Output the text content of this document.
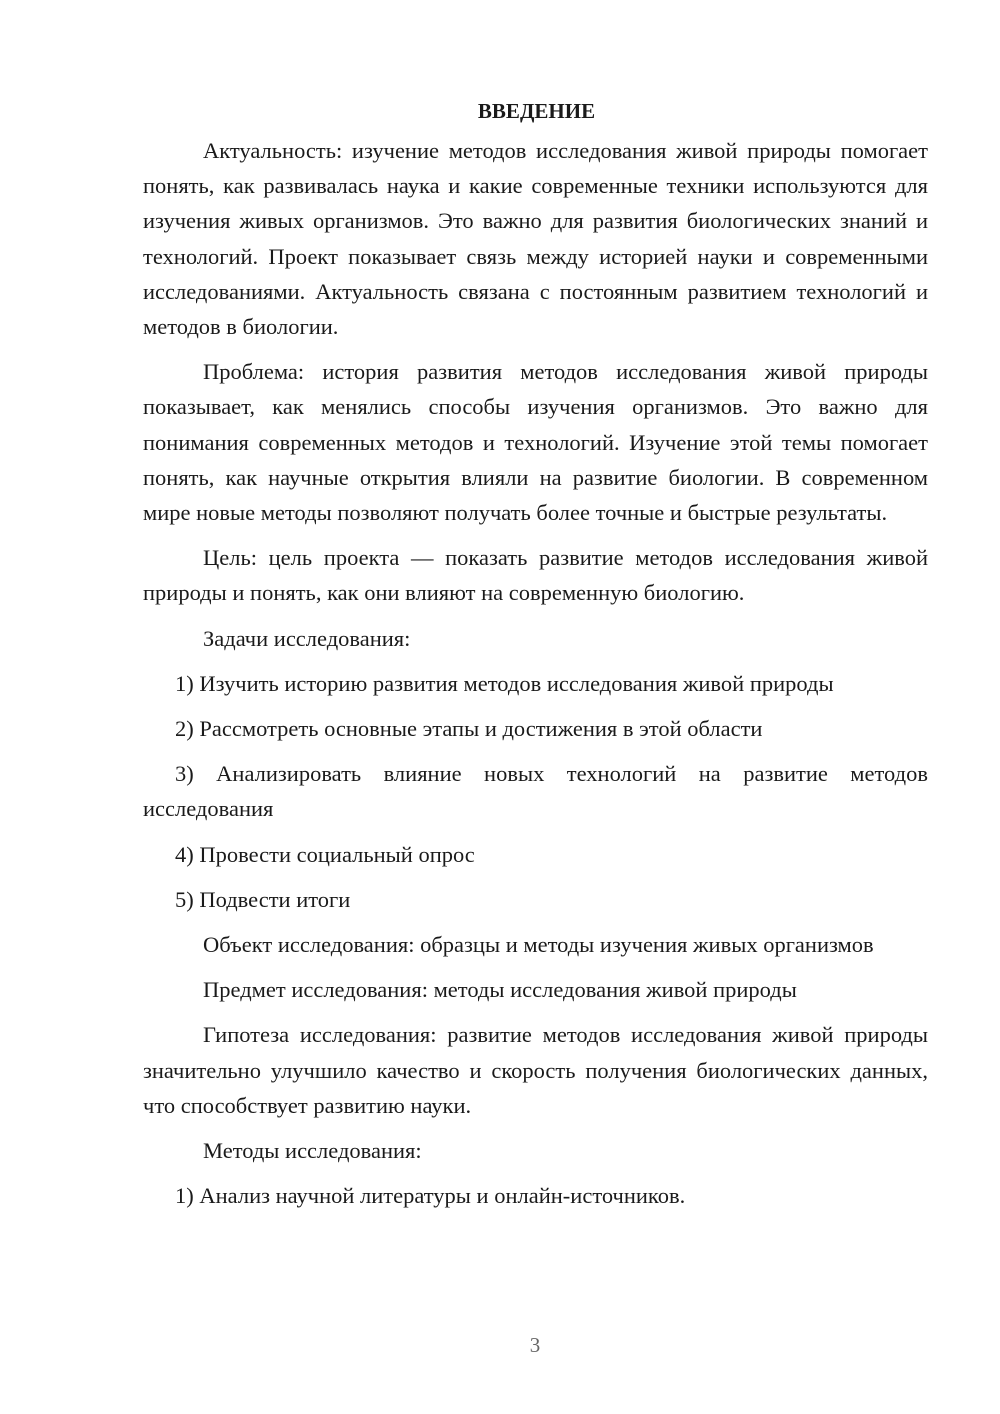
ВВЕДЕНИЕ

Актуальность: изучение методов исследования живой природы помогает понять, как развивалась наука и какие современные техники используются для изучения живых организмов. Это важно для развития биологических знаний и технологий. Проект показывает связь между историей науки и современными исследованиями. Актуальность связана с постоянным развитием технологий и методов в биологии.

Проблема: история развития методов исследования живой природы показывает, как менялись способы изучения организмов. Это важно для понимания современных методов и технологий. Изучение этой темы помогает понять, как научные открытия влияли на развитие биологии. В современном мире новые методы позволяют получать более точные и быстрые результаты.

Цель: цель проекта — показать развитие методов исследования живой природы и понять, как они влияют на современную биологию.

Задачи исследования:

1) Изучить историю развития методов исследования живой природы

2) Рассмотреть основные этапы и достижения в этой области

3) Анализировать влияние новых технологий на развитие методов исследования

4) Провести социальный опрос

5) Подвести итоги

Объект исследования: образцы и методы изучения живых организмов

Предмет исследования: методы исследования живой природы

Гипотеза исследования: развитие методов исследования живой природы значительно улучшило качество и скорость получения биологических данных, что способствует развитию науки.

Методы исследования:

1) Анализ научной литературы и онлайн-источников.

3
